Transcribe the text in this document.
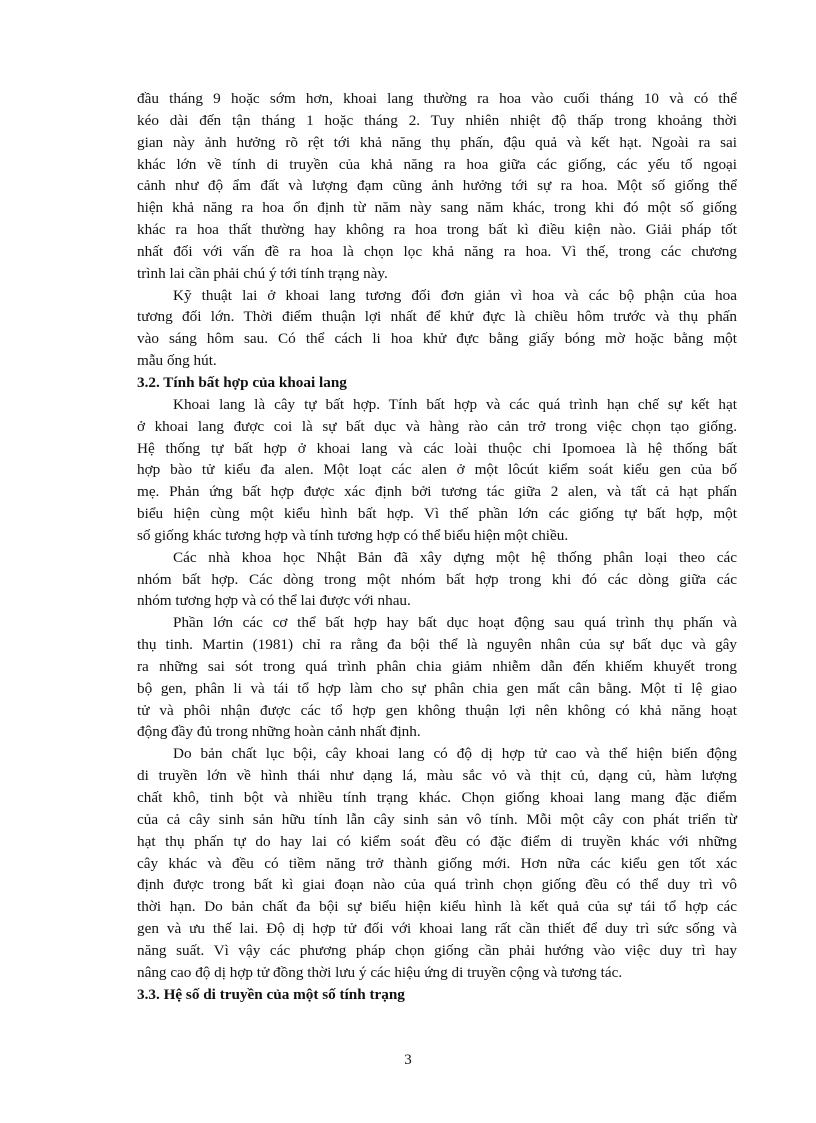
đầu tháng 9 hoặc sớm hơn, khoai lang thường ra hoa vào cuối tháng 10 và có thể
kéo dài đến tận tháng 1 hoặc tháng 2. Tuy nhiên nhiệt độ thấp trong khoảng thời
gian này ảnh hưởng rõ rệt tới khả năng thụ phấn, đậu quả và kết hạt. Ngoài ra sai
khác lớn về tính di truyền của khả năng ra hoa giữa các giống, các yếu tố ngoại
cảnh như độ ẩm đất và lượng đạm cũng ảnh hưởng tới sự ra hoa. Một số giống thể
hiện khả năng ra hoa ổn định từ năm này sang năm khác, trong khi đó một số giống
khác ra hoa thất thường hay không ra hoa trong bất kì điều kiện nào. Giải pháp tốt
nhất đối với vấn đề ra hoa là chọn lọc khả năng ra hoa. Vì thế, trong các chương
trình lai cần phải chú ý tới tính trạng này.
Kỹ thuật lai ở khoai lang tương đối đơn giản vì hoa và các bộ phận của hoa
tương đối lớn. Thời điểm thuận lợi nhất để khử đực là chiều hôm trước và thụ phấn
vào sáng hôm sau. Có thể cách li hoa khử đực bằng giấy bóng mờ hoặc bằng một
mẫu ống hút.
3.2. Tính bất hợp của khoai lang
Khoai lang là cây tự bất hợp. Tính bất hợp và các quá trình hạn chế sự kết hạt
ở khoai lang được coi là sự bất dục và hàng rào cản trở trong việc chọn tạo giống.
Hệ thống tự bất hợp ở khoai lang và các loài thuộc chi Ipomoea là hệ thống bất
hợp bào tử kiểu đa alen. Một loạt các alen ở một lôcút kiểm soát kiểu gen của bố
mẹ. Phản ứng bất hợp được xác định bởi tương tác giữa 2 alen, và tất cả hạt phấn
biểu hiện cùng một kiểu hình bất hợp. Vì thế phần lớn các giống tự bất hợp, một
số giống khác tương hợp và tính tương hợp có thể biểu hiện một chiều.
Các nhà khoa học Nhật Bản đã xây dựng một hệ thống phân loại theo các
nhóm bất hợp. Các dòng trong một nhóm bất hợp trong khi đó các dòng giữa các
nhóm tương hợp và có thể lai được với nhau.
Phần lớn các cơ thể bất hợp hay bất dục hoạt động sau quá trình thụ phấn và
thụ tinh. Martin (1981) chỉ ra rằng đa bội thể là nguyên nhân của sự bất dục và gây
ra những sai sót trong quá trình phân chia giảm nhiễm dẫn đến khiếm khuyết trong
bộ gen, phân li và tái tổ hợp làm cho sự phân chia gen mất cân bằng. Một tỉ lệ giao
tử và phôi nhận được các tổ hợp gen không thuận lợi nên không có khả năng hoạt
động đầy đủ trong những hoàn cảnh nhất định.
Do bản chất lục bội, cây khoai lang có độ dị hợp tử cao và thể hiện biến động
di truyền lớn về hình thái như dạng lá, màu sắc vỏ và thịt củ, dạng củ, hàm lượng
chất khô, tinh bột và nhiều tính trạng khác. Chọn giống khoai lang mang đặc điểm
của cả cây sinh sản hữu tính lẫn cây sinh sản vô tính. Mỗi một cây con phát triển từ
hạt thụ phấn tự do hay lai có kiểm soát đều có đặc điểm di truyền khác với những
cây khác và đều có tiềm năng trở thành giống mới. Hơn nữa các kiểu gen tốt xác
định được trong bất kì giai đoạn nào của quá trình chọn giống đều có thể duy trì vô
thời hạn. Do bản chất đa bội sự biểu hiện kiểu hình là kết quả của sự tái tổ hợp các
gen và ưu thế lai. Độ dị hợp tử đối với khoai lang rất cần thiết để duy trì sức sống và
năng suất. Vì vậy các phương pháp chọn giống cần phải hướng vào việc duy trì hay
nâng cao độ dị hợp tử đồng thời lưu ý các hiệu ứng di truyền cộng và tương tác.
3.3. Hệ số di truyền của một số tính trạng
3
